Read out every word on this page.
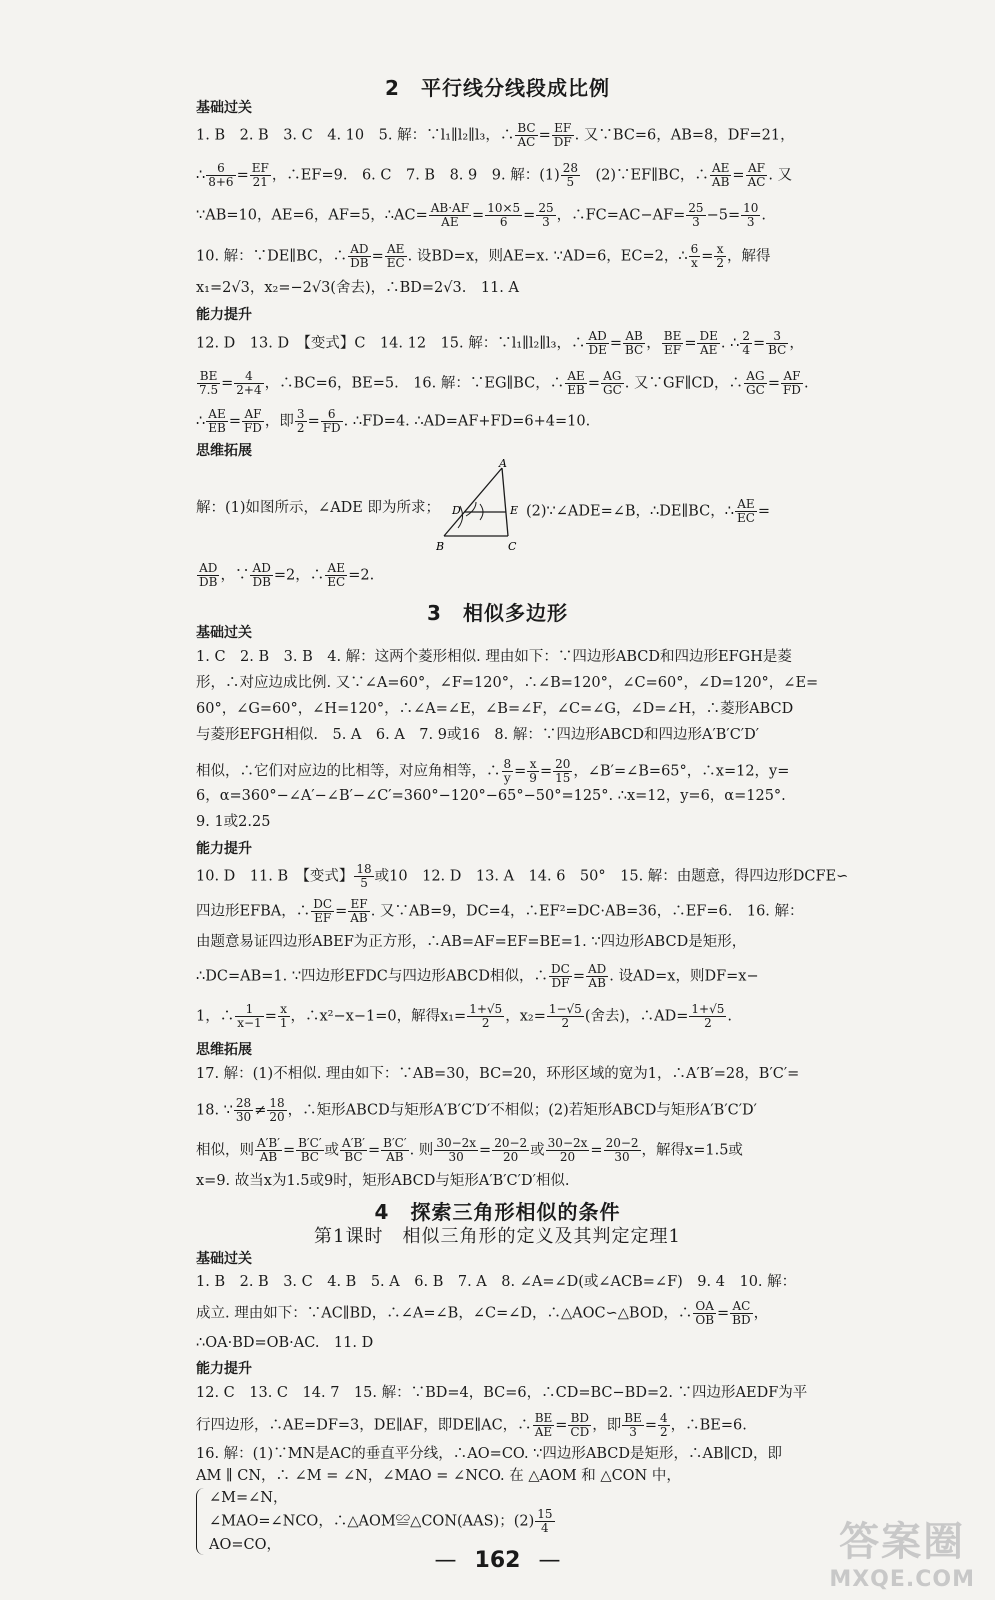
2　平行线分线段成比例
基础过关
1. B　2. B　3. C　4. 10　5. 解：∵l₁∥l₂∥l₃，∴ $\frac{BC}{AC} = \frac{EF}{DF}$ . 又∵BC=6，AB=8，DF=21，
∴ $\frac{6}{8+6} = \frac{EF}{21}$ ，∴EF=9.　6. C　7. B　8. 9　9. 解：$(1) \frac{28}{5}$ 　(2)∵EF∥BC，∴ $\frac{AE}{AB} = \frac{AF}{AC}$ . 又
∵AB=10，AE=6，AF=5，∴AC= $\frac{AB\cdot AF}{AE} = \frac{10\times 5}{6} = \frac{25}{3}$ ，∴FC=AC−AF= $\frac{25}{3} -5= \frac{10}{3}$ .
10. 解：∵DE∥BC，∴ $\frac{AD}{DB} = \frac{AE}{EC}$ . 设BD=x，则AE=x. ∵AD=6，EC=2，∴ $\frac{6}{x} = \frac{x}{2}$ ，解得
x₁=2√3，x₂=−2√3(舍去)，∴BD=2√3.　11. A
能力提升
12. D　13. D　【变式】C　14. 12　15. 解：∵l₁∥l₂∥l₃，∴ $\frac{AD}{DE} = \frac{AB}{BC}$ ， $\frac{BE}{EF} = \frac{DE}{AE}$ . ∴ $\frac{2}{4} = \frac{3}{BC}$ ，
$\frac{BE}{7.5} = \frac{4}{2+4}$ ，∴BC=6，BE=5.　16. 解：∵EG∥BC，∴ $\frac{AE}{EB} = \frac{AG}{GC}$ . 又∵GF∥CD，∴ $\frac{AG}{GC} = \frac{AF}{FD}$ .
∴ $\frac{AE}{EB} = \frac{AF}{FD}$ ，即 $\frac{3}{2} = \frac{6}{FD}$ . ∴FD=4. ∴AD=AF+FD=6+4=10.
思维拓展
解：(1)如图所示，∠ADE 即为所求；
A
B	C
D	E (2)∵∠ADE=∠B，∴DE∥BC，∴ $\frac{AE}{EC}$ =
$\frac{AD}{DB}$ ，∵ $\frac{AD}{DB} =2$，∴ $\frac{AE}{EC} =2$.
3　相似多边形
基础过关
1. C　2. B　3. B　4. 解：这两个菱形相似. 理由如下：∵四边形ABCD和四边形EFGH是菱
形，∴对应边成比例. 又∵∠A=60°，∠F=120°，∴∠B=120°，∠C=60°，∠D=120°，∠E=
60°，∠G=60°，∠H=120°，∴∠A=∠E，∠B=∠F，∠C=∠G，∠D=∠H，∴菱形ABCD
与菱形EFGH相似.　5. A　6. A　7. 9或16　8. 解：∵四边形ABCD和四边形A′B′C′D′
相似，∴它们对应边的比相等，对应角相等，∴ $\frac{8}{y} = \frac{x}{9} = \frac{20}{15}$ ，∠B′=∠B=65°，∴x=12，y=
6，α=360°−∠A′−∠B′−∠C′=360°−120°−65°−50°=125°. ∴x=12，y=6，α=125°.
9. 1或2.25
能力提升
10. D　11. B　【变式】 $\frac{18}{5}$ 或10　12. D　13. A　14. 6　50°　15. 解：由题意，得四边形DCFE∽
四边形EFBA，∴ $\frac{DC}{EF} = \frac{EF}{AB}$ . 又∵AB=9，DC=4，∴EF²=DC·AB=36，∴EF=6.　16. 解：
由题意易证四边形ABEF为正方形，∴AB=AF=EF=BE=1. ∵四边形ABCD是矩形，
∴DC=AB=1. ∵四边形EFDC与四边形ABCD相似，∴ $\frac{DC}{DF} = \frac{AD}{AB}$ . 设AD=x，则DF=x−
1，∴ $\frac{1}{x-1} = \frac{x}{1}$ ，∴x²−x−1=0，解得$x_1= \frac{1+√5}{2}$ ，$x_2= \frac{1-√5}{2}$ (舍去)，∴AD= $\frac{1+√5}{2}$ .
思维拓展
17. 解：(1)不相似. 理由如下：∵AB=30，BC=20，环形区域的宽为1，∴A′B′=28，B′C′=
18. ∵ $\frac{28}{30} \ne \frac{18}{20}$ ，∴矩形ABCD与矩形A′B′C′D′不相似；(2)若矩形ABCD与矩形A′B′C′D′
相似，则 $\frac{A'B'}{AB} = \frac{B'C'}{BC}$ 或 $\frac{A'B'}{BC} = \frac{B'C'}{AB}$ . 则 $\frac{30-2x}{30} = \frac{20-2}{20}$ 或 $\frac{30-2x}{20} = \frac{20-2}{30}$ ，解得x=1.5或
x=9. 故当x为1.5或9时，矩形ABCD与矩形A′B′C′D′相似.
4　探索三角形相似的条件
第1课时　相似三角形的定义及其判定定理1
基础过关
1. B　2. B　3. C　4. B　5. A　6. B　7. A　8. ∠A=∠D(或∠ACB=∠F)　9. 4　10. 解：
成立. 理由如下：∵AC∥BD，∴∠A=∠B，∠C=∠D，∴△AOC∽△BOD，∴ $\frac{OA}{OB} = \frac{AC}{BD}$ ，
∴OA·BD=OB·AC.　11. D
能力提升
12. C　13. C　14. 7　15. 解：∵BD=4，BC=6，∴CD=BC−BD=2. ∵四边形AEDF为平
行四边形，∴AE=DF=3，DE∥AF，即DE∥AC，∴ $\frac{BE}{AE} = \frac{BD}{CD}$ ，即 $\frac{BE}{3} = \frac{4}{2}$ ，∴BE=6.
16. 解：(1)∵MN是AC的垂直平分线，∴AO=CO. ∵四边形ABCD是矩形，∴AB∥CD，即
AM ∥ CN，∴ ∠M = ∠N，∠MAO = ∠NCO. 在 △AOM 和 △CON 中，
∠M=∠N，
∠MAO=∠NCO，∴△AOM≌△CON(AAS)；$(2) \frac{15}{4}$
AO=CO，
— 162 —	答案圈
MXQE.COM
